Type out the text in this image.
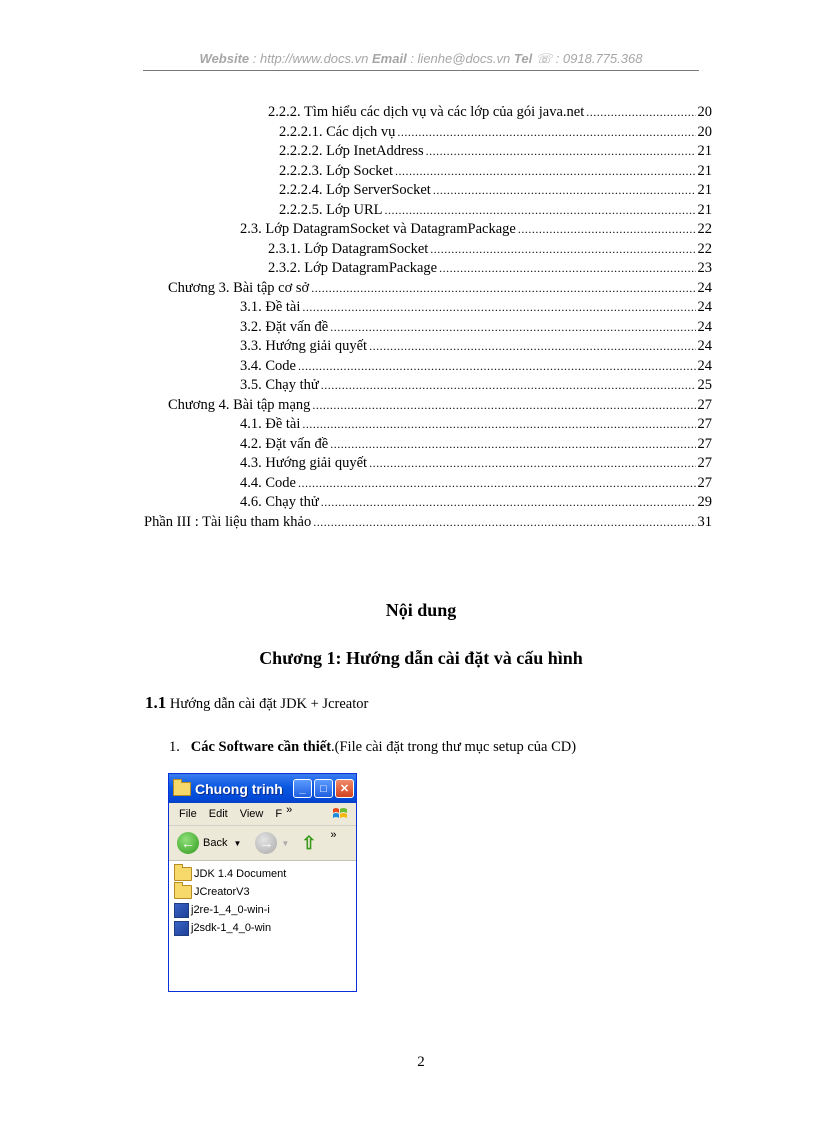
Website : http://www.docs.vn Email : lienhe@docs.vn Tel ☏ : 0918.775.368
2.2.2. Tìm hiểu các dịch vụ và các lớp của gói java.net .....	20
2.2.2.1. Các dịch vụ .....	20
2.2.2.2. Lớp InetAddress .....	21
2.2.2.3. Lớp Socket .....	21
2.2.2.4. Lớp ServerSocket .....	21
2.2.2.5. Lớp URL .....	21
2.3. Lớp DatagramSocket và DatagramPackage .....	22
2.3.1. Lớp DatagramSocket .....	22
2.3.2. Lớp DatagramPackage .....	23
Chương 3. Bài tập cơ sở .....	24
3.1. Đề tài .....	24
3.2. Đặt vấn đề .....	24
3.3. Hướng giải quyết .....	24
3.4. Code .....	24
3.5. Chạy thử .....	25
Chương 4. Bài tập mạng .....	27
4.1. Đề tài .....	27
4.2. Đặt vấn đề .....	27
4.3. Hướng giải quyết .....	27
4.4. Code .....	27
4.6. Chạy thử .....	29
Phần III : Tài liệu tham khảo .....	31
Nội dung
Chương 1: Hướng dẫn cài đặt và cấu hình
1.1 Hướng dẫn cài đặt JDK + Jcreator
1. Các Software cần thiết.(File cài đặt trong thư mục setup của CD)
Chuong trinh	_	□	✕
File Edit View F »
← Back ▼ →	▼ ⇧ »
JDK 1.4 Document
JCreatorV3
j2re-1_4_0-win-i
j2sdk-1_4_0-win
2
